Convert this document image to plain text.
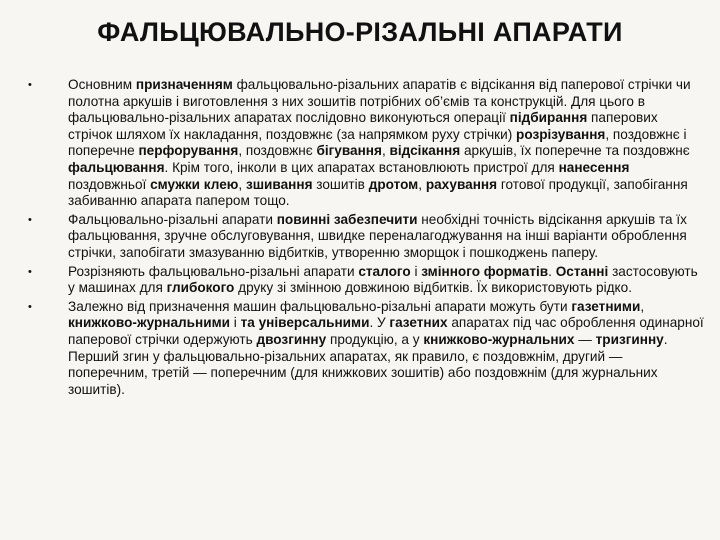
ФАЛЬЦЮВАЛЬНО-РІЗАЛЬНІ АПАРАТИ
•	Основним призначенням фальцювально-різальних апаратів є відсікання від паперової стрічки чи полотна аркушів і виготовлення з них зошитів потрібних об’ємів та конструкцій. Для цього в фальцювально-різальних апаратах послідовно виконуються операції підбирання паперових стрічок шляхом їх накладання, поздовжнє (за напрямком руху стрічки) розрізування, поздовжнє і поперечне перфорування, поздовжнє бігування, відсікання аркушів, їх поперечне та поздовжнє фальцювання. Крім того, інколи в цих апаратах встановлюють пристрої для нанесення поздовжньої смужки клею, зшивання зошитів дротом, рахування готової продукції, запобігання забиванню апарата папером тощо.
•	Фальцювально-різальні апарати повинні забезпечити необхідні точність відсікання аркушів та їх фальцювання, зручне обслуговування, швидке переналагоджування на інші варіанти оброблення стрічки, запобігати змазуванню відбитків, утворенню зморщок і пошкоджень паперу.
•	Розрізняють фальцювально-різальні апарати сталого і змінного форматів. Останні застосовують у машинах для глибокого друку зі змінною довжиною відбитків. Їх використовують рідко.
•	Залежно від призначення машин фальцювально-різальні апарати можуть бути газетними, книжково-журнальними і та універсальними. У газетних апаратах під час оброблення одинарної паперової стрічки одержують двозгинну продукцію, а у книжково-журнальних — тризгинну. Перший згин у фальцювально-різальних апаратах, як правило, є поздовжнім, другий — поперечним, третій — поперечним (для книжкових зошитів) або поздовжнім (для журнальних зошитів).
